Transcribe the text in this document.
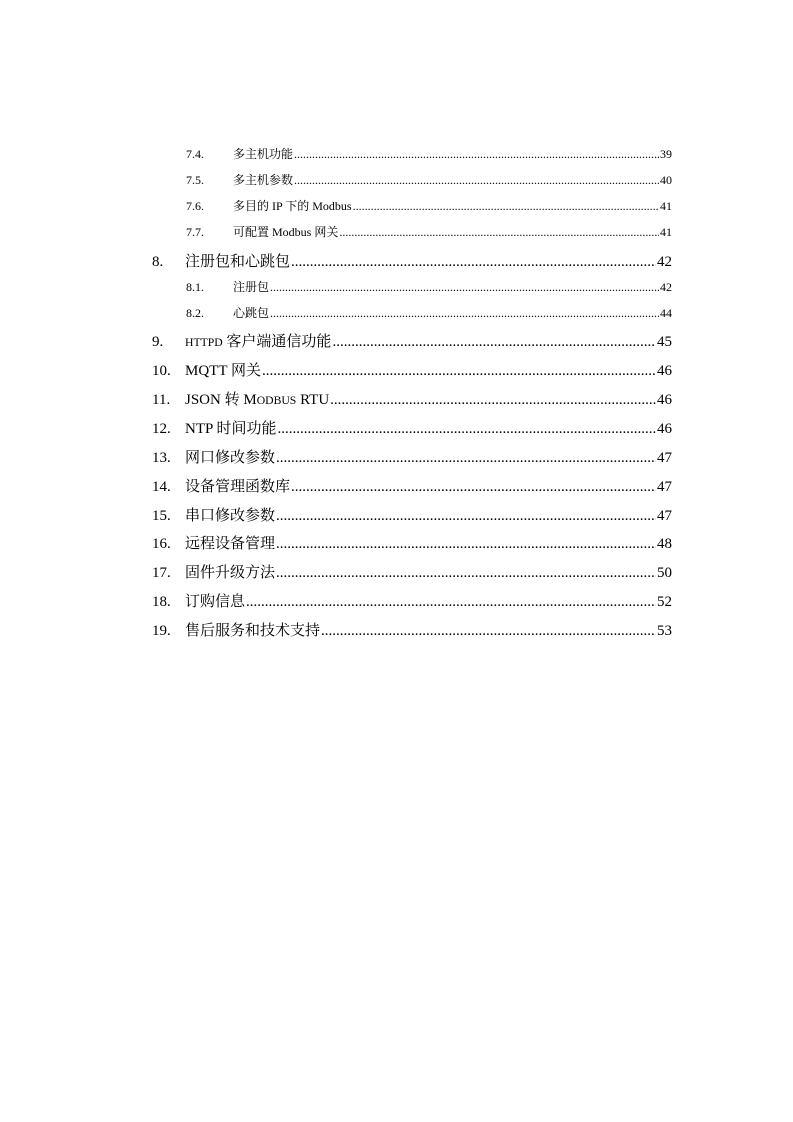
7.4.	多主机功能 .....	39
7.5.	多主机参数 .....	40
7.6.	多目的 IP 下的 Modbus .....	41
7.7.	可配置 Modbus 网关 .....	41
8.	注册包和心跳包 .....	42
8.1.	注册包 .....	42
8.2.	心跳包 .....	44
9.	HTTPD 客户端通信功能 .....	45
10. MQTT 网关 .....	46
11. JSON 转 MODBUS RTU .....	46
12. NTP 时间功能 .....	46
13. 网口修改参数 .....	47
14. 设备管理函数库 .....	47
15. 串口修改参数 .....	47
16. 远程设备管理 .....	48
17. 固件升级方法 .....	50
18. 订购信息 .....	52
19. 售后服务和技术支持 .....	53
